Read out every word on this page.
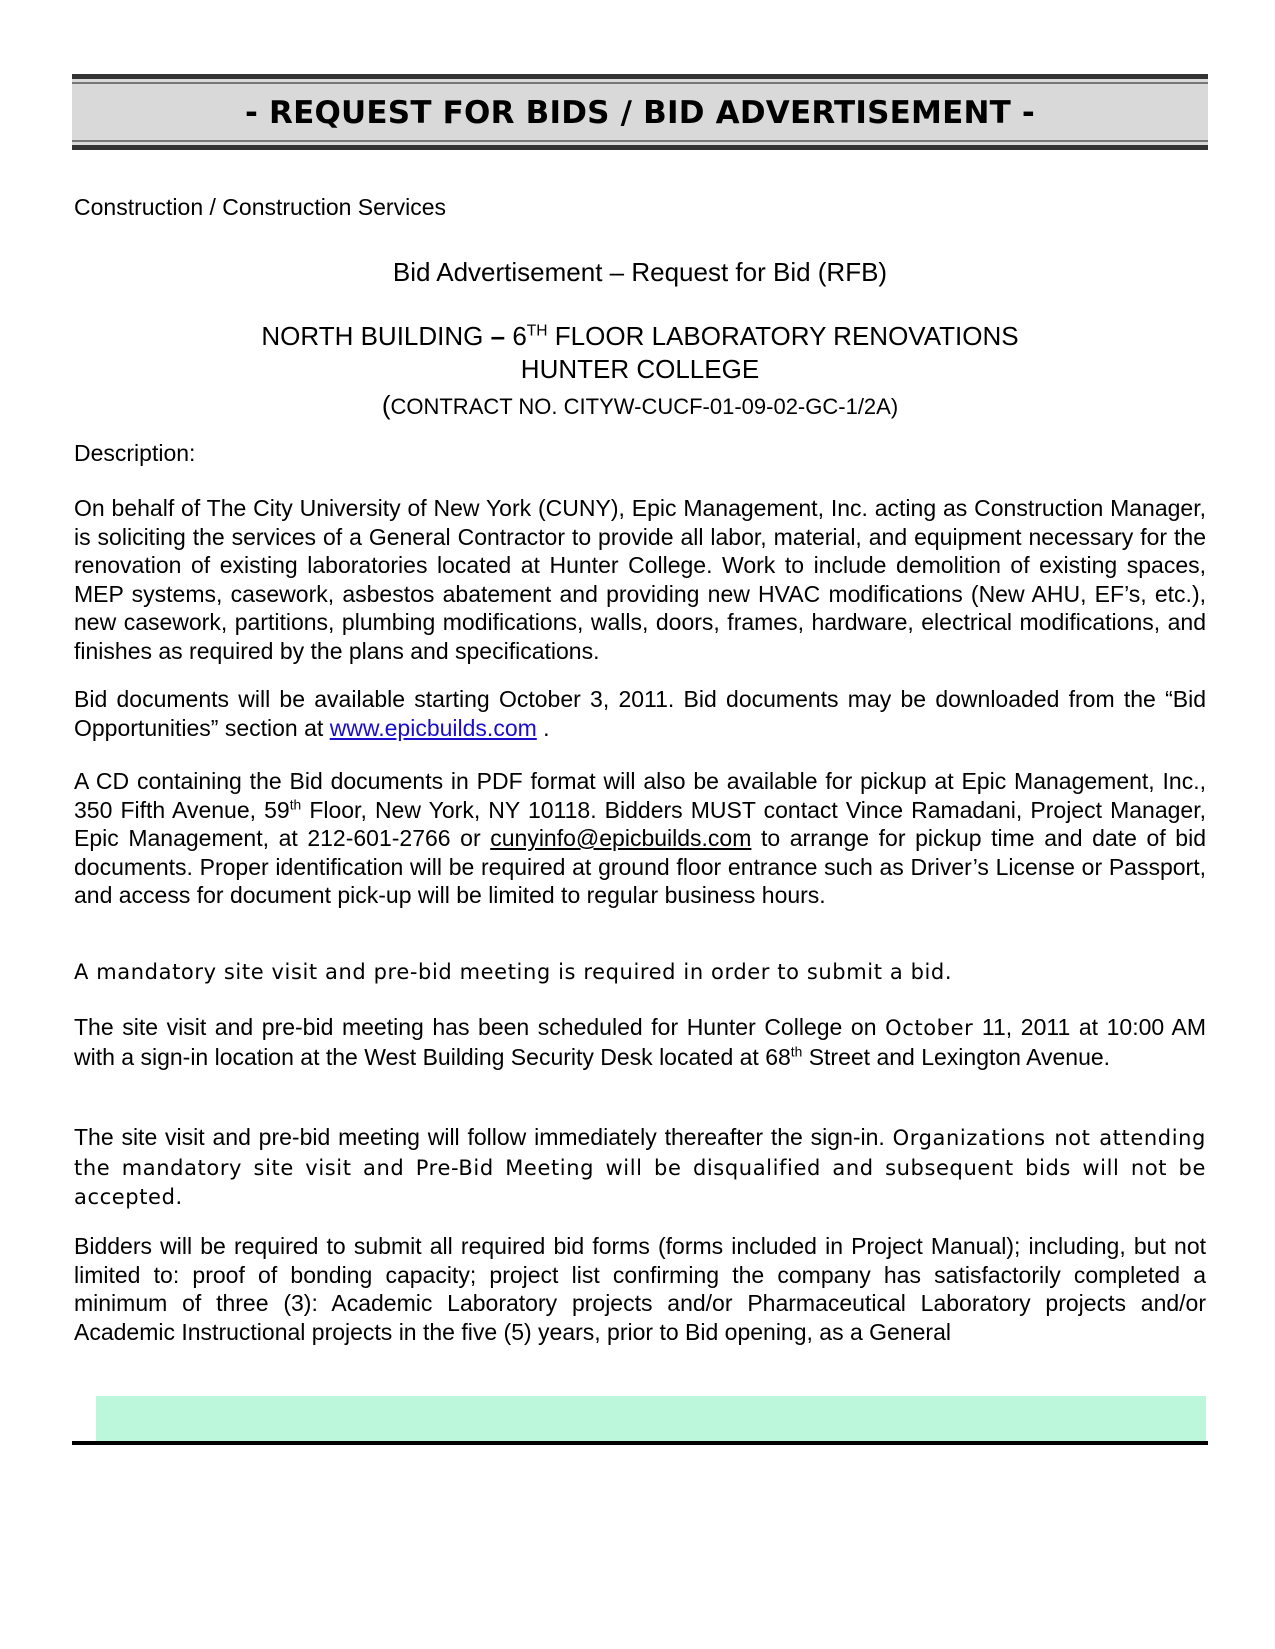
- REQUEST FOR BIDS / BID ADVERTISEMENT -
Construction / Construction Services
Bid Advertisement – Request for Bid (RFB)
NORTH BUILDING – 6TH FLOOR LABORATORY RENOVATIONS
HUNTER COLLEGE
(CONTRACT NO. CITYW-CUCF-01-09-02-GC-1/2A)
Description:
On behalf of The City University of New York (CUNY), Epic Management, Inc. acting as Construction Manager, is soliciting the services of a General Contractor to provide all labor, material, and equipment necessary for the renovation of existing laboratories located at Hunter College. Work to include demolition of existing spaces, MEP systems, casework, asbestos abatement and providing new HVAC modifications (New AHU, EF’s, etc.), new casework, partitions, plumbing modifications, walls, doors, frames, hardware, electrical modifications, and finishes as required by the plans and specifications.
Bid documents will be available starting October 3, 2011. Bid documents may be downloaded from the “Bid Opportunities” section at www.epicbuilds.com .
A CD containing the Bid documents in PDF format will also be available for pickup at Epic Management, Inc., 350 Fifth Avenue, 59th Floor, New York, NY 10118. Bidders MUST contact Vince Ramadani, Project Manager, Epic Management, at 212-601-2766 or cunyinfo@epicbuilds.com to arrange for pickup time and date of bid documents. Proper identification will be required at ground floor entrance such as Driver’s License or Passport, and access for document pick-up will be limited to regular business hours.
A mandatory site visit and pre-bid meeting is required in order to submit a bid.
The site visit and pre-bid meeting has been scheduled for Hunter College on October 11, 2011 at 10:00 AM with a sign-in location at the West Building Security Desk located at 68th Street and Lexington Avenue.
The site visit and pre-bid meeting will follow immediately thereafter the sign-in. Organizations not attending the mandatory site visit and Pre-Bid Meeting will be disqualified and subsequent bids will not be accepted.
Bidders will be required to submit all required bid forms (forms included in Project Manual); including, but not limited to: proof of bonding capacity; project list confirming the company has satisfactorily completed a minimum of three (3): Academic Laboratory projects and/or Pharmaceutical Laboratory projects and/or Academic Instructional projects in the five (5) years, prior to Bid opening, as a General
